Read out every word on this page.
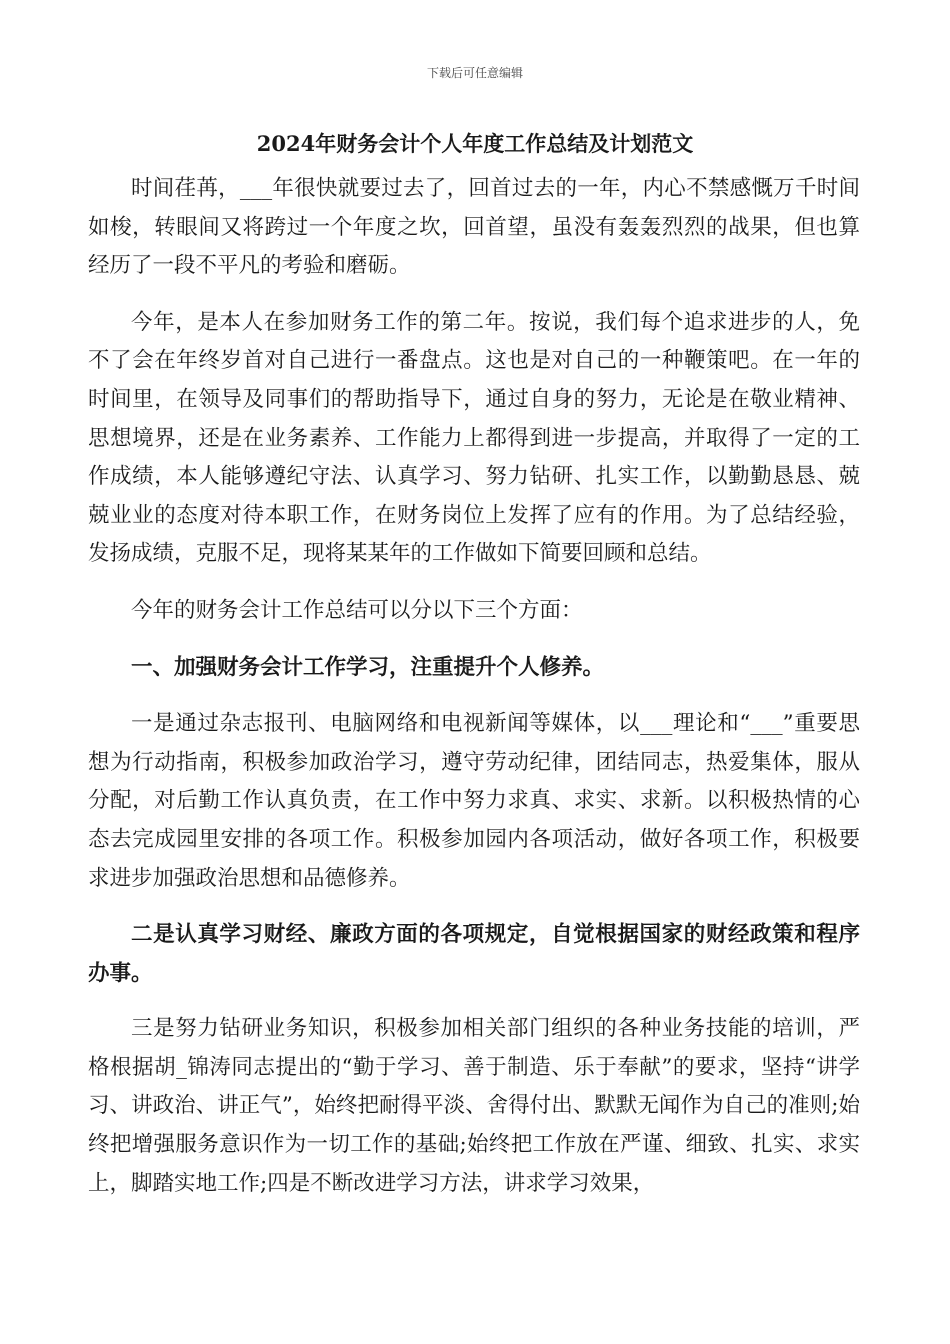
下载后可任意编辑
2024年财务会计个人年度工作总结及计划范文

时间荏苒，___年很快就要过去了，回首过去的一年，内心不禁感慨万千时间如梭，转眼间又将跨过一个年度之坎，回首望，虽没有轰轰烈烈的战果，但也算经历了一段不平凡的考验和磨砺。

今年，是本人在参加财务工作的第二年。按说，我们每个追求进步的人，免不了会在年终岁首对自己进行一番盘点。这也是对自己的一种鞭策吧。在一年的时间里，在领导及同事们的帮助指导下，通过自身的努力，无论是在敬业精神、思想境界，还是在业务素养、工作能力上都得到进一步提高，并取得了一定的工作成绩，本人能够遵纪守法、认真学习、努力钻研、扎实工作，以勤勤恳恳、兢兢业业的态度对待本职工作，在财务岗位上发挥了应有的作用。为了总结经验，发扬成绩，克服不足，现将某某年的工作做如下简要回顾和总结。

今年的财务会计工作总结可以分以下三个方面：

一、加强财务会计工作学习，注重提升个人修养。

一是通过杂志报刊、电脑网络和电视新闻等媒体，以___理论和“___”重要思想为行动指南，积极参加政治学习，遵守劳动纪律，团结同志，热爱集体，服从分配，对后勤工作认真负责，在工作中努力求真、求实、求新。以积极热情的心态去完成园里安排的各项工作。积极参加园内各项活动，做好各项工作，积极要求进步加强政治思想和品德修养。

二是认真学习财经、廉政方面的各项规定，自觉根据国家的财经政策和程序办事。

三是努力钻研业务知识，积极参加相关部门组织的各种业务技能的培训，严格根据胡_锦涛同志提出的“勤于学习、善于制造、乐于奉献”的要求，坚持“讲学习、讲政治、讲正气”，始终把耐得平淡、舍得付出、默默无闻作为自己的准则;始终把增强服务意识作为一切工作的基础;始终把工作放在严谨、细致、扎实、求实上，脚踏实地工作;四是不断改进学习方法，讲求学习效果，
